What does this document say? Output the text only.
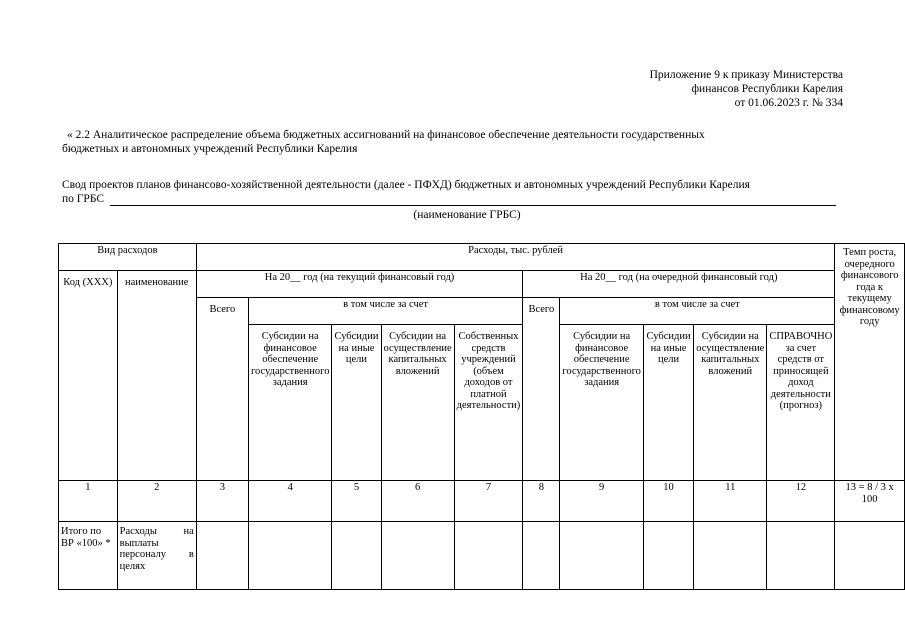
Приложение 9 к приказу Министерства
финансов Республики Карелия
от 01.06.2023 г. № 334
« 2.2 Аналитическое распределение объема бюджетных ассигнований на финансовое обеспечение деятельности государственных
бюджетных и автономных учреждений Республики Карелия
Свод проектов планов финансово-хозяйственной деятельности (далее - ПФХД) бюджетных и автономных учреждений Республики Карелия
по ГРБС
(наименование ГРБС)
Вид расходов		Расходы, тыс. рублей										Темп роста, очередного финансового года к текущему финансовому году
Код (ХХХ)	наименование	На 20__ год (на текущий финансовый год)					На 20__ год (на очередной финансовый год)					
		Всего	в том числе за счет				Всего	в том числе за счет				
			Субсидии на финансовое обеспечение государственного задания	Субсидии на иные цели	Субсидии на осуществление капитальных вложений	Собственных средств учреждений (объем доходов от платной деятельности)		Субсидии на финансовое обеспечение государственного задания	Субсидии на иные цели	Субсидии на осуществление капитальных вложений	СПРАВОЧНО за счет средств от приносящей доход деятельности (прогноз)	
1	2	3	4	5	6	7	8	9	10	11	12	13 = 8 / 3 x 100
Итого по ВР «100» *	Расходы на выплаты персоналу в целях											
